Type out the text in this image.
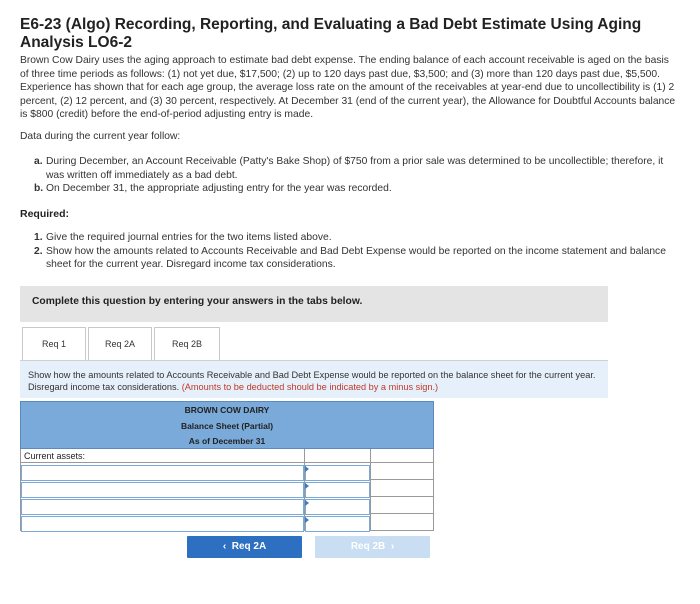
E6-23 (Algo) Recording, Reporting, and Evaluating a Bad Debt Estimate Using Aging Analysis LO6-2
Brown Cow Dairy uses the aging approach to estimate bad debt expense. The ending balance of each account receivable is aged on the basis of three time periods as follows: (1) not yet due, $17,500; (2) up to 120 days past due, $3,500; and (3) more than 120 days past due, $5,500. Experience has shown that for each age group, the average loss rate on the amount of the receivables at year-end due to uncollectibility is (1) 2 percent, (2) 12 percent, and (3) 30 percent, respectively. At December 31 (end of the current year), the Allowance for Doubtful Accounts balance is $800 (credit) before the end-of-period adjusting entry is made.
Data during the current year follow:
a. During December, an Account Receivable (Patty's Bake Shop) of $750 from a prior sale was determined to be uncollectible; therefore, it was written off immediately as a bad debt.
b. On December 31, the appropriate adjusting entry for the year was recorded.
Required:
1. Give the required journal entries for the two items listed above.
2. Show how the amounts related to Accounts Receivable and Bad Debt Expense would be reported on the income statement and balance sheet for the current year. Disregard income tax considerations.
Complete this question by entering your answers in the tabs below.
Req 1	Req 2A	Req 2B
Show how the amounts related to Accounts Receivable and Bad Debt Expense would be reported on the balance sheet for the current year. Disregard income tax considerations. (Amounts to be deducted should be indicated by a minus sign.)
BROWN COW DAIRY
Balance Sheet (Partial)
As of December 31
Current assets:
‹ Req 2A	Req 2B ›
